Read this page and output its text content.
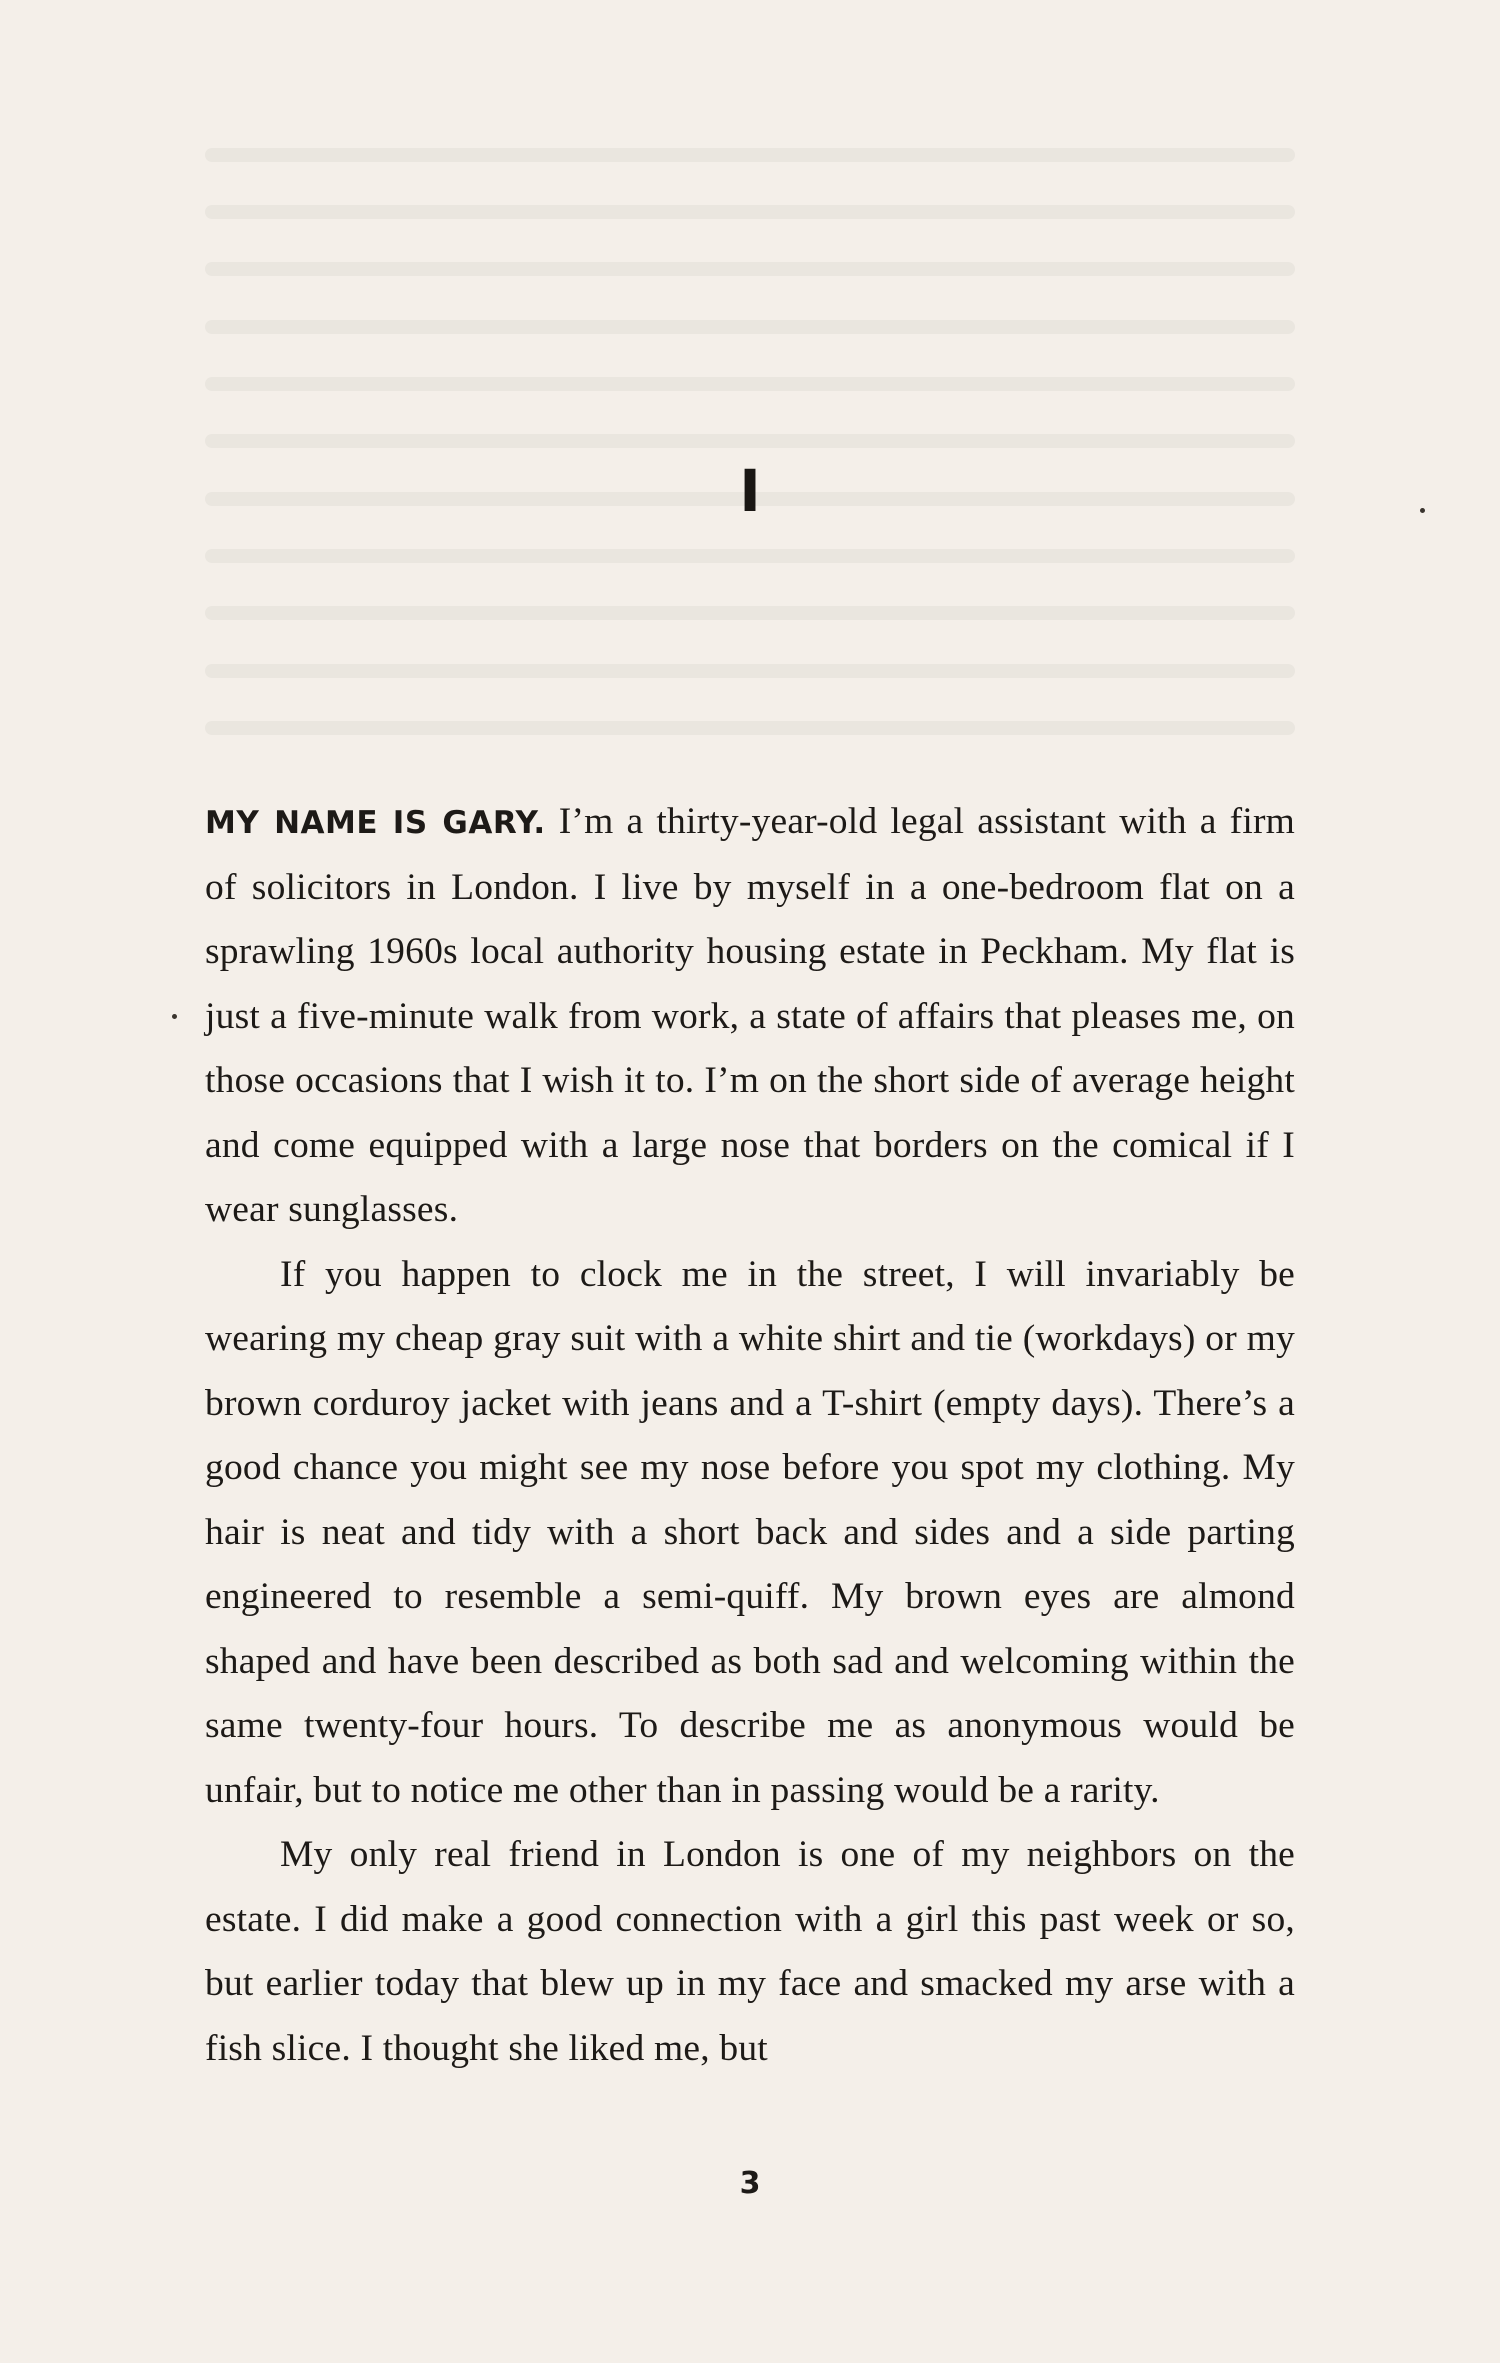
I

MY NAME IS GARY. I’m a thirty-year-old legal assistant with a firm of solicitors in London. I live by myself in a one-bedroom flat on a sprawling 1960s local authority housing estate in Peckham. My flat is just a five-minute walk from work, a state of affairs that pleases me, on those occasions that I wish it to. I’m on the short side of average height and come equipped with a large nose that borders on the comical if I wear sunglasses.

If you happen to clock me in the street, I will invariably be wearing my cheap gray suit with a white shirt and tie (workdays) or my brown corduroy jacket with jeans and a T-shirt (empty days). There’s a good chance you might see my nose before you spot my clothing. My hair is neat and tidy with a short back and sides and a side parting engineered to resemble a semi-quiff. My brown eyes are almond shaped and have been described as both sad and welcoming within the same twenty-four hours. To describe me as anonymous would be unfair, but to notice me other than in passing would be a rarity.

My only real friend in London is one of my neighbors on the estate. I did make a good connection with a girl this past week or so, but earlier today that blew up in my face and smacked my arse with a fish slice. I thought she liked me, but

3
